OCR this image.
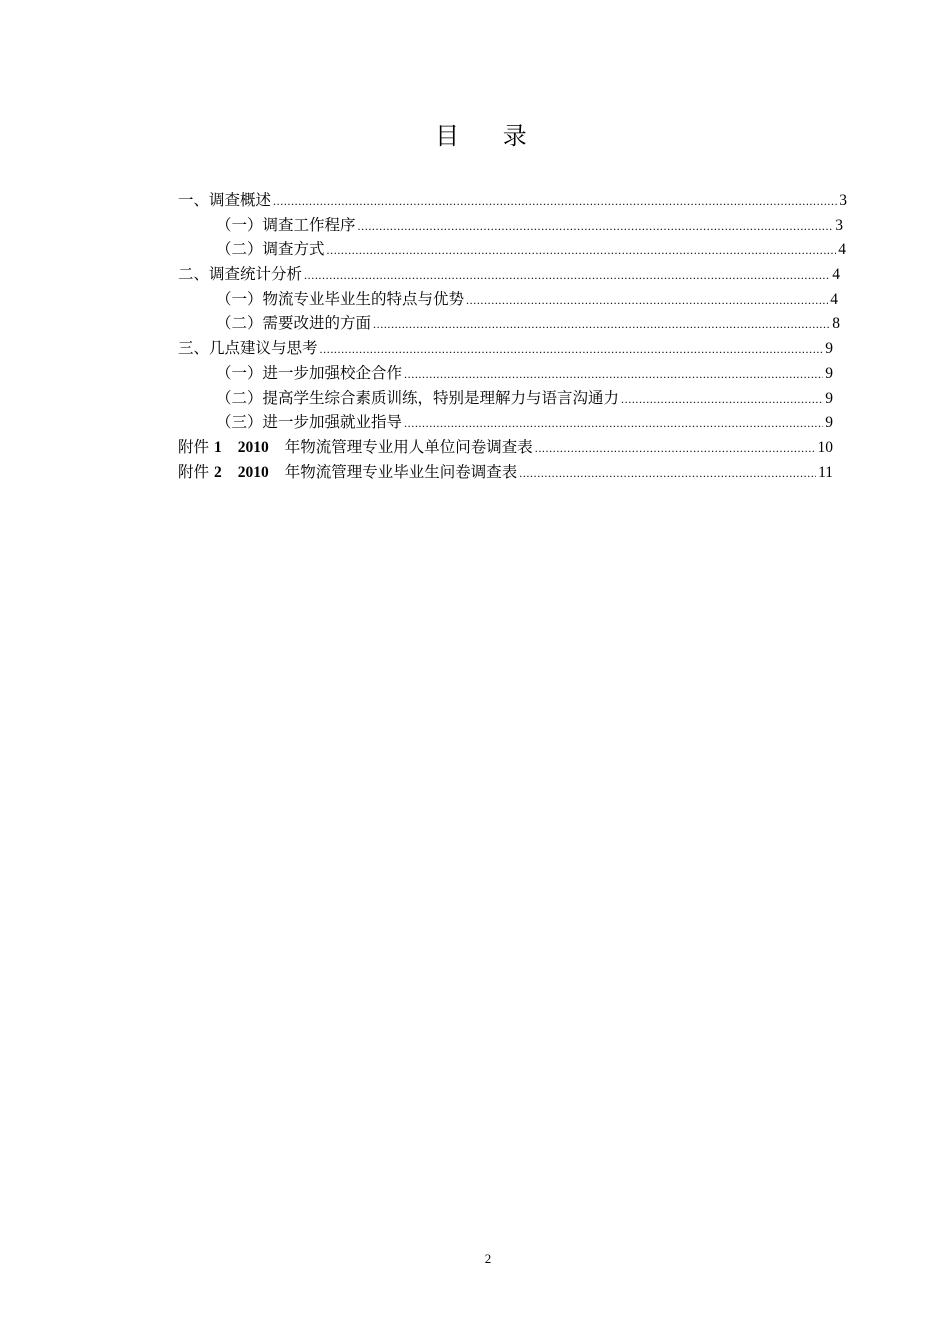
目 录
一、调查概述 .....	3
（一）调查工作程序 .....	3
（二）调查方式 .....	4
二、调查统计分析 .....	4
（一）物流专业毕业生的特点与优势 .....	4
（二）需要改进的方面 .....	8
三、几点建议与思考 .....	9
（一）进一步加强校企合作 .....	9
（二）提高学生综合素质训练，特别是理解力与语言沟通力 .....	9
（三）进一步加强就业指导 .....	9
附件 1 2010 年物流管理专业用人单位问卷调查表 .....	10
附件 2 2010 年物流管理专业毕业生问卷调查表 .....	11
2
